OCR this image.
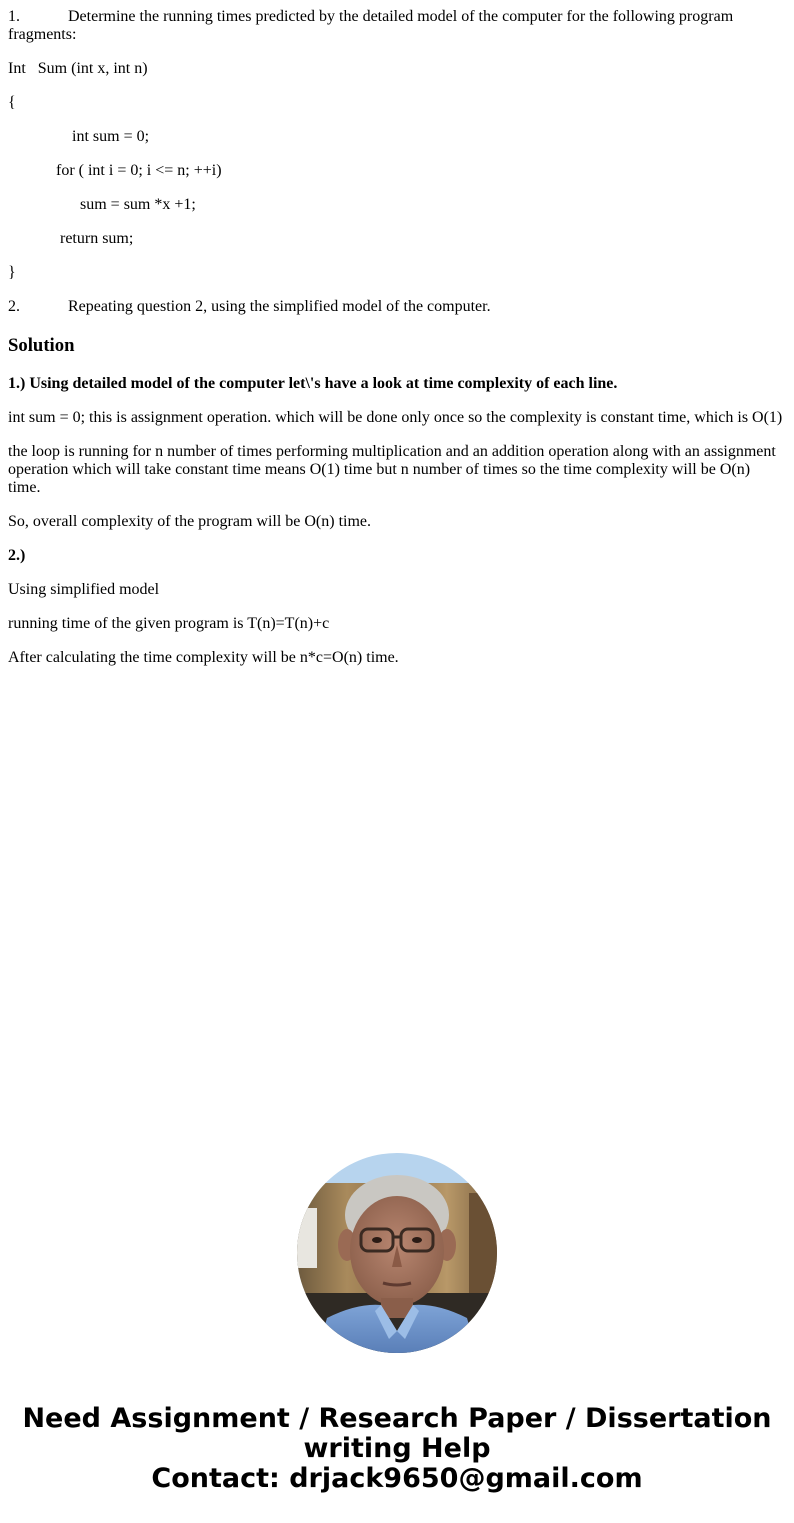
1.	Determine the running times predicted by the detailed model of the computer for the following program fragments:

Int   Sum (int x, int n)

{

int sum = 0;

for ( int i = 0; i <= n; ++i)

sum = sum *x +1;

return sum;

}

2.	Repeating question 2, using the simplified model of the computer.

Solution

1.) Using detailed model of the computer let\'s have a look at time complexity of each line.

int sum = 0; this is assignment operation. which will be done only once so the complexity is constant time, which is O(1)

the loop is running for n number of times performing multiplication and an addition operation along with an assignment operation which will take constant time means O(1) time but n number of times so the time complexity will be O(n) time.

So, overall complexity of the program will be O(n) time.

2.)

Using simplified model

running time of the given program is T(n)=T(n)+c

After calculating the time complexity will be n*c=O(n) time.

Need Assignment / Research Paper / Dissertation
writing Help
Contact: drjack9650@gmail.com
